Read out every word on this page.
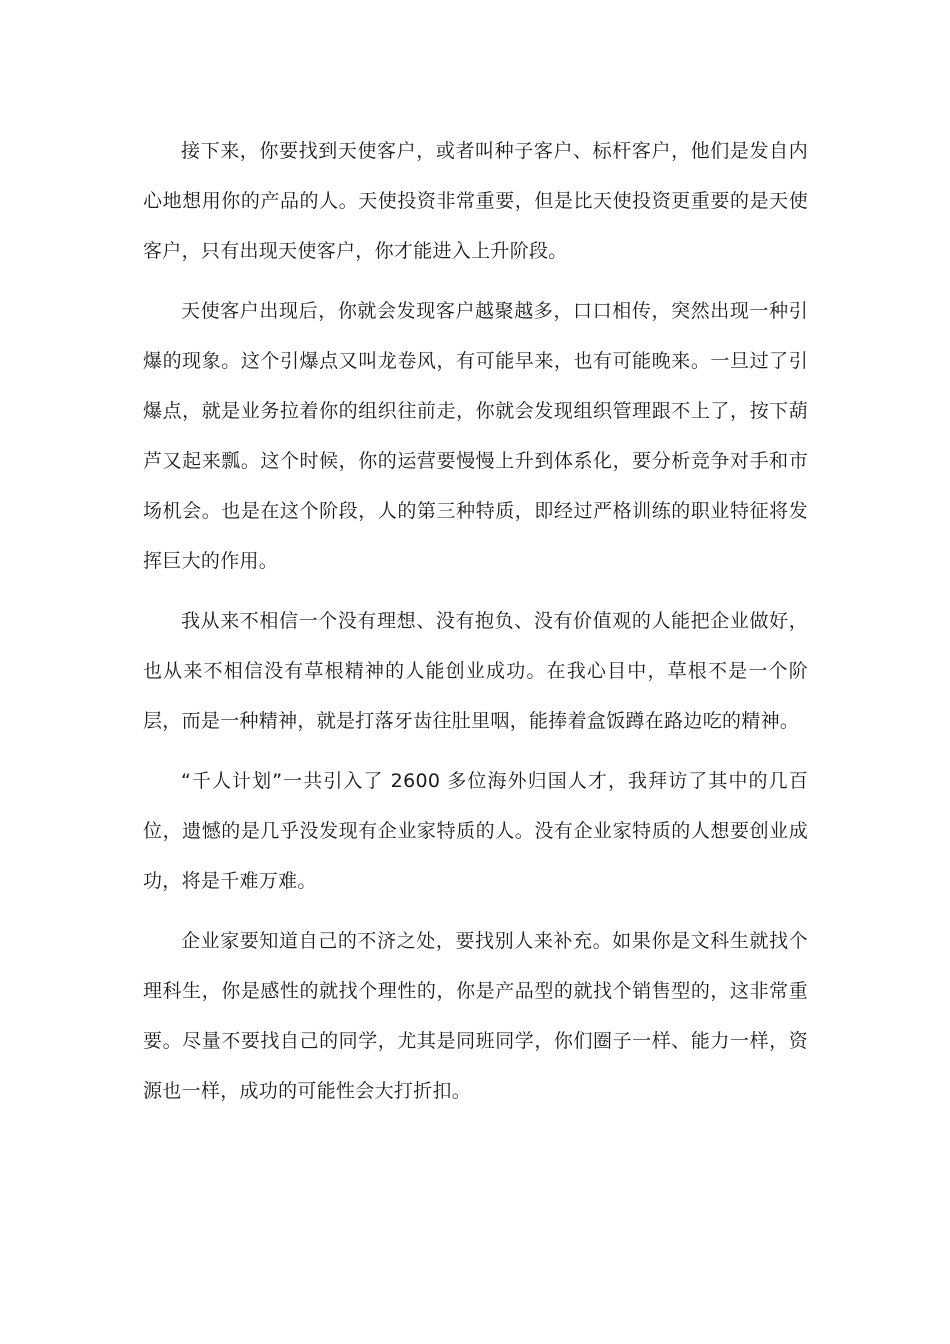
接下来，你要找到天使客户，或者叫种子客户、标杆客户，他们是发自内心地想用你的产品的人。天使投资非常重要，但是比天使投资更重要的是天使客户，只有出现天使客户，你才能进入上升阶段。

天使客户出现后，你就会发现客户越聚越多，口口相传，突然出现一种引爆的现象。这个引爆点又叫龙卷风，有可能早来，也有可能晚来。一旦过了引爆点，就是业务拉着你的组织往前走，你就会发现组织管理跟不上了，按下葫芦又起来瓢。这个时候，你的运营要慢慢上升到体系化，要分析竞争对手和市场机会。也是在这个阶段，人的第三种特质，即经过严格训练的职业特征将发挥巨大的作用。

我从来不相信一个没有理想、没有抱负、没有价值观的人能把企业做好，也从来不相信没有草根精神的人能创业成功。在我心目中，草根不是一个阶层，而是一种精神，就是打落牙齿往肚里咽，能捧着盒饭蹲在路边吃的精神。

“千人计划”一共引入了 2600 多位海外归国人才，我拜访了其中的几百位，遗憾的是几乎没发现有企业家特质的人。没有企业家特质的人想要创业成功，将是千难万难。

企业家要知道自己的不济之处，要找别人来补充。如果你是文科生就找个理科生，你是感性的就找个理性的，你是产品型的就找个销售型的，这非常重要。尽量不要找自己的同学，尤其是同班同学，你们圈子一样、能力一样，资源也一样，成功的可能性会大打折扣。
